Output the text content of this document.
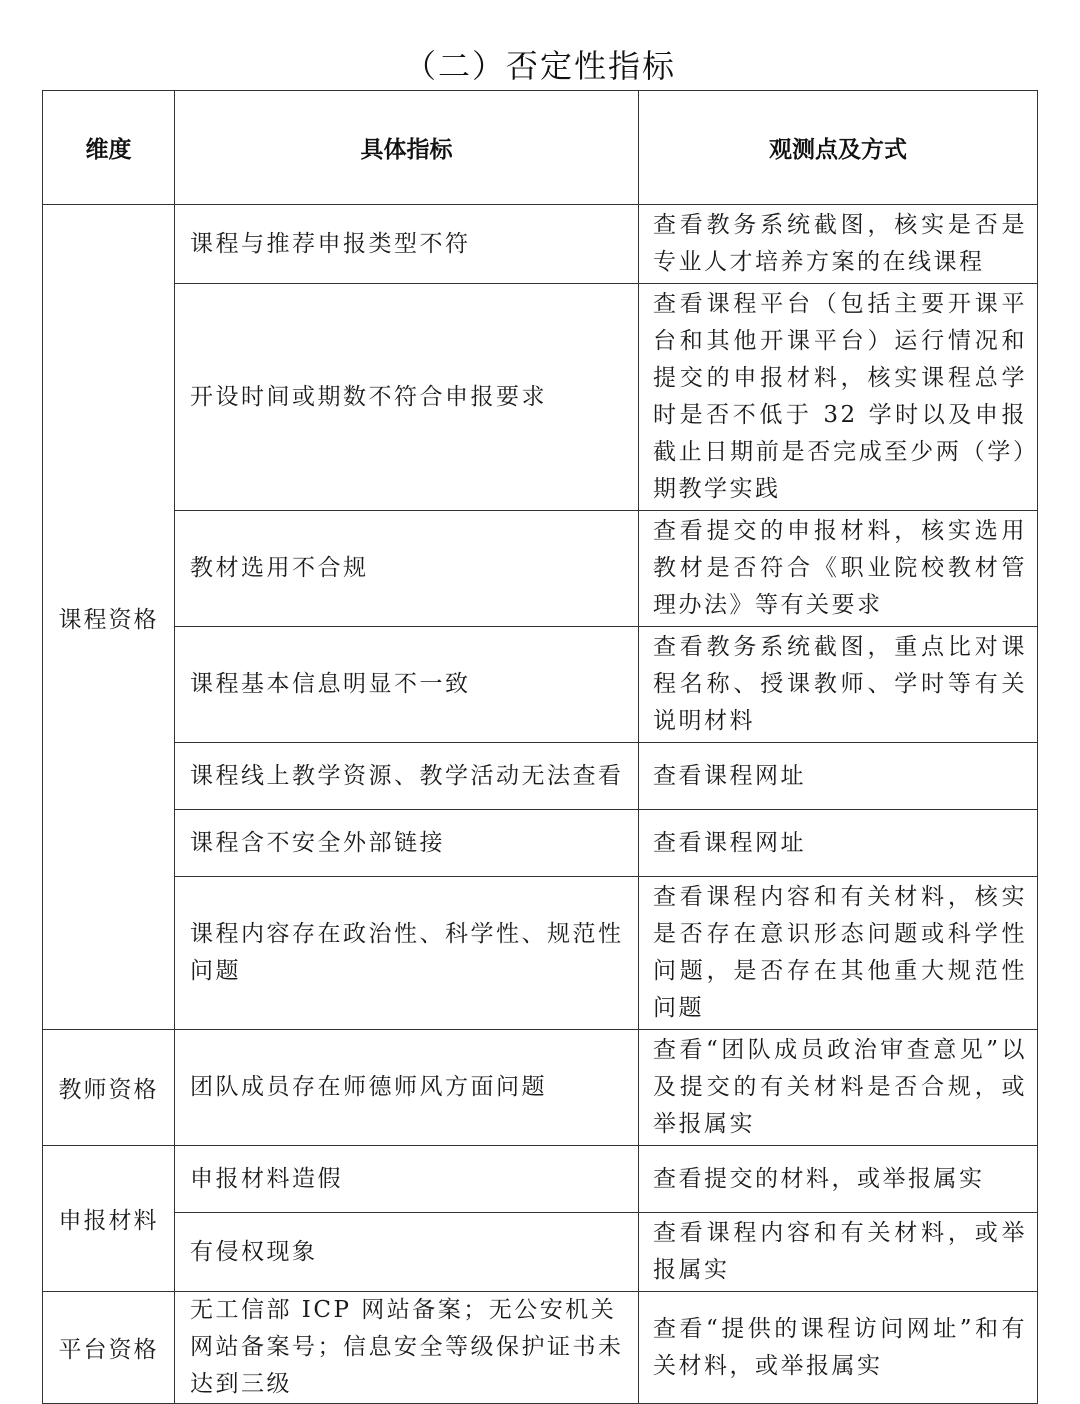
（二）否定性指标
维度	具体指标	观测点及方式
课程资格	课程与推荐申报类型不符	查看教务系统截图，核实是否是专业人才培养方案的在线课程
	开设时间或期数不符合申报要求	查看课程平台（包括主要开课平台和其他开课平台）运行情况和提交的申报材料，核实课程总学时是否不低于 32 学时以及申报截止日期前是否完成至少两（学）期教学实践
	教材选用不合规	查看提交的申报材料，核实选用教材是否符合《职业院校教材管理办法》等有关要求
	课程基本信息明显不一致	查看教务系统截图，重点比对课程名称、授课教师、学时等有关说明材料
	课程线上教学资源、教学活动无法查看	查看课程网址
	课程含不安全外部链接	查看课程网址
	课程内容存在政治性、科学性、规范性问题	查看课程内容和有关材料，核实是否存在意识形态问题或科学性问题，是否存在其他重大规范性问题
教师资格	团队成员存在师德师风方面问题	查看“团队成员政治审查意见”以及提交的有关材料是否合规，或举报属实
申报材料	申报材料造假	查看提交的材料，或举报属实
	有侵权现象	查看课程内容和有关材料，或举报属实
平台资格	无工信部 ICP 网站备案；无公安机关网站备案号；信息安全等级保护证书未达到三级	查看“提供的课程访问网址”和有关材料，或举报属实
